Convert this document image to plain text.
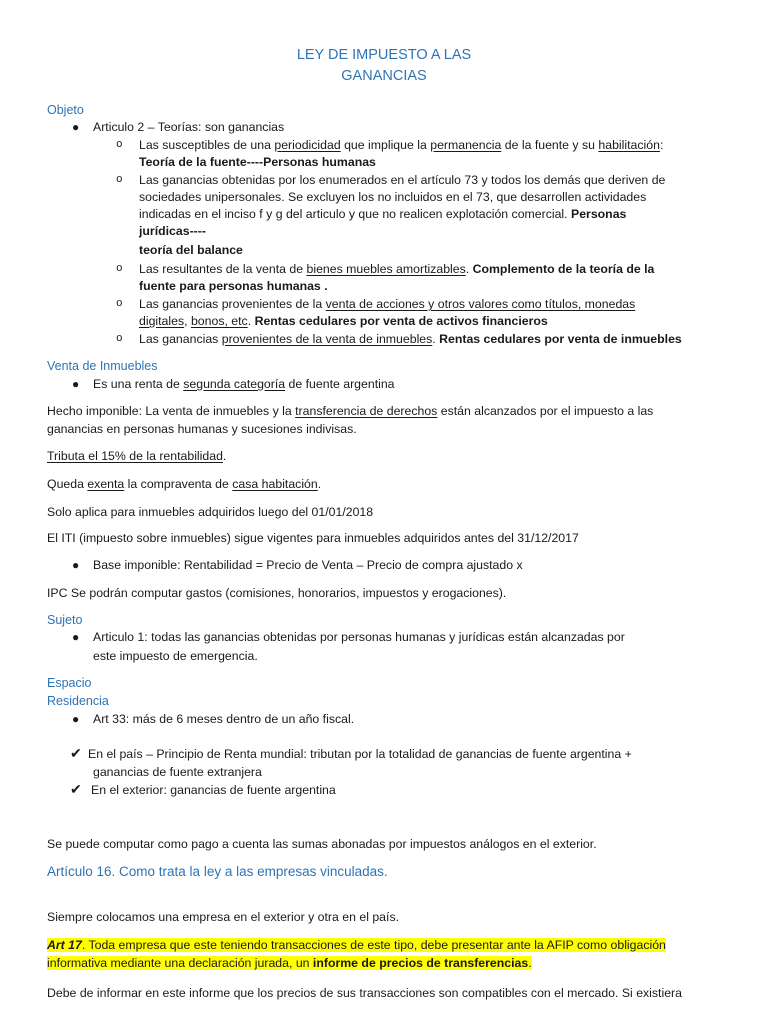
LEY DE IMPUESTO A LAS
GANANCIAS
Objeto
● Articulo 2 – Teorías: son ganancias
o Las susceptibles de una periodicidad que implique la permanencia de la fuente y su habilitación:
Teoría de la fuente----Personas humanas
o Las ganancias obtenidas por los enumerados en el artículo 73 y todos los demás que deriven de
sociedades unipersonales. Se excluyen los no incluidos en el 73, que desarrollen actividades
indicadas en el inciso f y g del articulo y que no realicen explotación comercial. Personas
jurídicas----
teoría del balance
o Las resultantes de la venta de bienes muebles amortizables. Complemento de la teoría de la
fuente para personas humanas .
o Las ganancias provenientes de la venta de acciones y otros valores como títulos, monedas
digitales, bonos, etc. Rentas cedulares por venta de activos financieros
o Las ganancias provenientes de la venta de inmuebles. Rentas cedulares por venta de inmuebles
Venta de Inmuebles
● Es una renta de segunda categoría de fuente argentina
Hecho imponible: La venta de inmuebles y la transferencia de derechos están alcanzados por el impuesto a las
ganancias en personas humanas y sucesiones indivisas.
Tributa el 15% de la rentabilidad.
Queda exenta la compraventa de casa habitación.
Solo aplica para inmuebles adquiridos luego del 01/01/2018
El ITI (impuesto sobre inmuebles) sigue vigentes para inmuebles adquiridos antes del 31/12/2017
● Base imponible: Rentabilidad = Precio de Venta – Precio de compra ajustado x
IPC Se podrán computar gastos (comisiones, honorarios, impuestos y erogaciones).
Sujeto
● Articulo 1: todas las ganancias obtenidas por personas humanas y jurídicas están alcanzadas por
este impuesto de emergencia.
Espacio
Residencia
● Art 33: más de 6 meses dentro de un año fiscal.
✔ En el país – Principio de Renta mundial: tributan por la totalidad de ganancias de fuente argentina +
ganancias de fuente extranjera
✔ En el exterior: ganancias de fuente argentina
Se puede computar como pago a cuenta las sumas abonadas por impuestos análogos en el exterior.
Artículo 16. Como trata la ley a las empresas vinculadas.
Siempre colocamos una empresa en el exterior y otra en el país.
Art 17. Toda empresa que este teniendo transacciones de este tipo, debe presentar ante la AFIP como obligación
informativa mediante una declaración jurada, un informe de precios de transferencias.
Debe de informar en este informe que los precios de sus transacciones son compatibles con el mercado. Si existiera
